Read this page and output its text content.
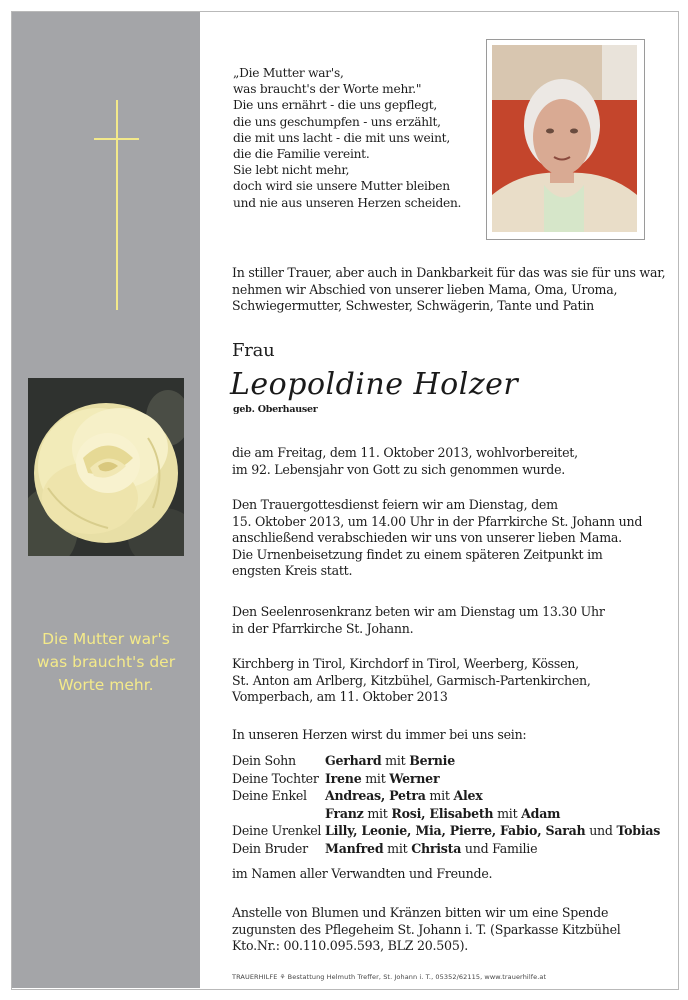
Die Mutter war's
was braucht's der
Worte mehr.
„Die Mutter war's,
was braucht's der Worte mehr."
Die uns ernährt - die uns gepflegt,
die uns geschumpfen - uns erzählt,
die mit uns lacht - die mit uns weint,
die die Familie vereint.
Sie lebt nicht mehr,
doch wird sie unsere Mutter bleiben
und nie aus unseren Herzen scheiden.
In stiller Trauer, aber auch in Dankbarkeit für das was sie für uns war,
nehmen wir Abschied von unserer lieben Mama, Oma, Uroma,
Schwiegermutter, Schwester, Schwägerin, Tante und Patin
Frau
Leopoldine Holzer
geb. Oberhauser
die am Freitag, dem 11. Oktober 2013, wohlvorbereitet,
im 92. Lebensjahr von Gott zu sich genommen wurde.
Den Trauergottesdienst feiern wir am Dienstag, dem
15. Oktober 2013, um 14.00 Uhr in der Pfarrkirche St. Johann und
anschließend verabschieden wir uns von unserer lieben Mama.
Die Urnenbeisetzung findet zu einem späteren Zeitpunkt im
engsten Kreis statt.
Den Seelenrosenkranz beten wir am Dienstag um 13.30 Uhr
in der Pfarrkirche St. Johann.
Kirchberg in Tirol, Kirchdorf in Tirol, Weerberg, Kössen,
St. Anton am Arlberg, Kitzbühel, Garmisch-Partenkirchen,
Vomperbach, am 11. Oktober 2013
In unseren Herzen wirst du immer bei uns sein:
Dein Sohn	Gerhard mit Bernie
Deine Tochter Irene mit Werner
Deine Enkel	Andreas, Petra mit Alex
Franz mit Rosi, Elisabeth mit Adam
Deine Urenkel Lilly, Leonie, Mia, Pierre, Fabio, Sarah und Tobias
Dein Bruder	Manfred mit Christa und Familie
im Namen aller Verwandten und Freunde.
Anstelle von Blumen und Kränzen bitten wir um eine Spende
zugunsten des Pflegeheim St. Johann i. T. (Sparkasse Kitzbühel
Kto.Nr.: 00.110.095.593, BLZ 20.505).
TRAUERHILFE ⚘ Bestattung Helmuth Treffer, St. Johann i. T., 05352/62115, www.trauerhilfe.at
